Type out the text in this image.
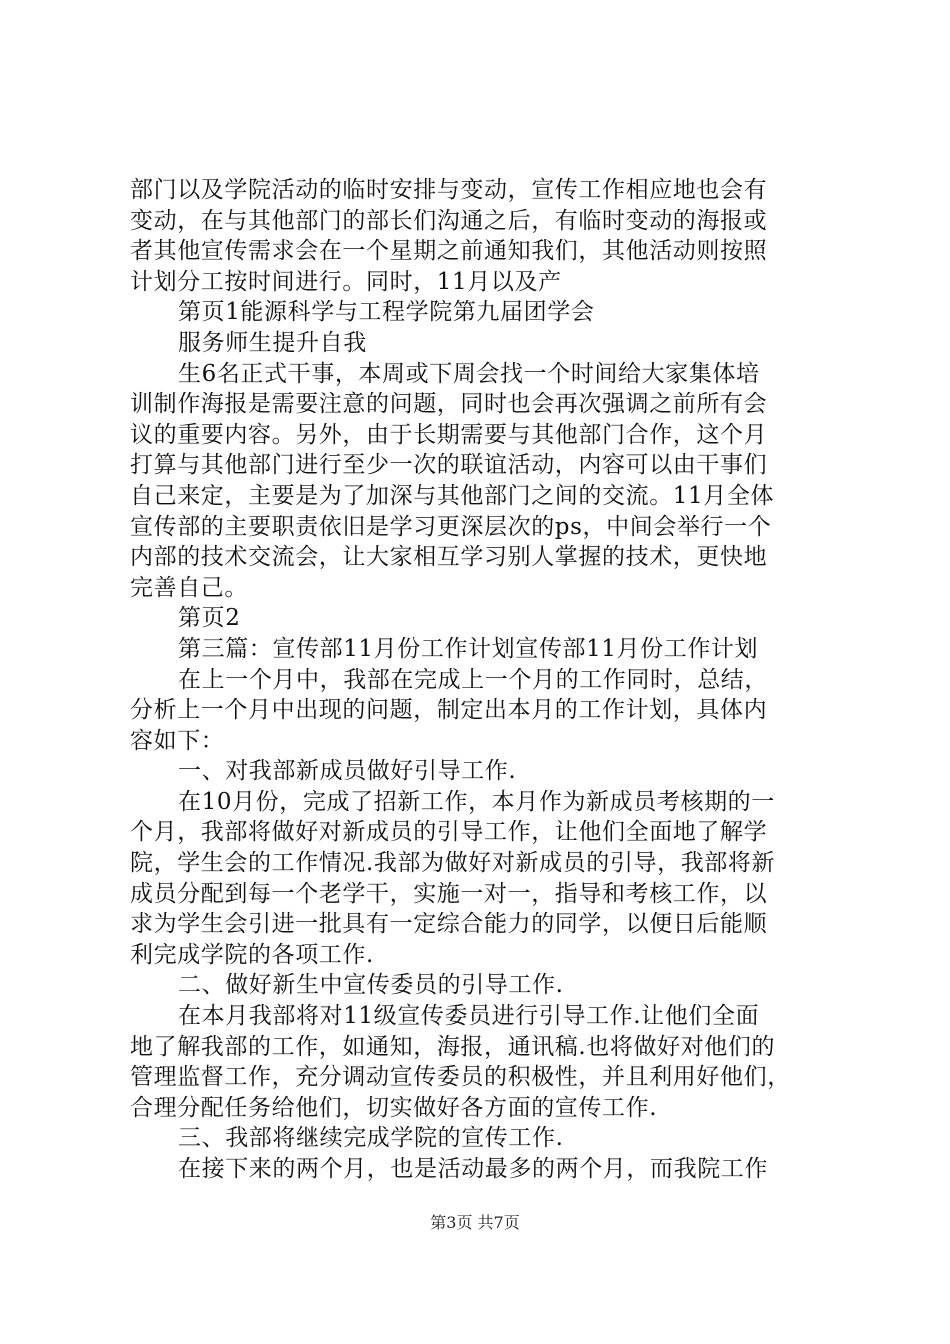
部门以及学院活动的临时安排与变动，宣传工作相应地也会有
变动，在与其他部门的部长们沟通之后，有临时变动的海报或
者其他宣传需求会在一个星期之前通知我们，其他活动则按照
计划分工按时间进行。同时，11月以及产
第页1能源科学与工程学院第九届团学会
服务师生提升自我
生6名正式干事，本周或下周会找一个时间给大家集体培
训制作海报是需要注意的问题，同时也会再次强调之前所有会
议的重要内容。另外，由于长期需要与其他部门合作，这个月
打算与其他部门进行至少一次的联谊活动，内容可以由干事们
自己来定，主要是为了加深与其他部门之间的交流。11月全体
宣传部的主要职责依旧是学习更深层次的ps，中间会举行一个
内部的技术交流会，让大家相互学习别人掌握的技术，更快地
完善自己。
第页2
第三篇：宣传部11月份工作计划宣传部11月份工作计划
在上一个月中，我部在完成上一个月的工作同时，总结，
分析上一个月中出现的问题，制定出本月的工作计划，具体内
容如下：
一、对我部新成员做好引导工作.
在10月份，完成了招新工作，本月作为新成员考核期的一
个月，我部将做好对新成员的引导工作，让他们全面地了解学
院，学生会的工作情况.我部为做好对新成员的引导，我部将新
成员分配到每一个老学干，实施一对一，指导和考核工作，以
求为学生会引进一批具有一定综合能力的同学，以便日后能顺
利完成学院的各项工作.
二、做好新生中宣传委员的引导工作.
在本月我部将对11级宣传委员进行引导工作.让他们全面
地了解我部的工作，如通知，海报，通讯稿.也将做好对他们的
管理监督工作，充分调动宣传委员的积极性，并且利用好他们，
合理分配任务给他们，切实做好各方面的宣传工作.
三、我部将继续完成学院的宣传工作.
在接下来的两个月，也是活动最多的两个月，而我院工作
第3页 共7页
